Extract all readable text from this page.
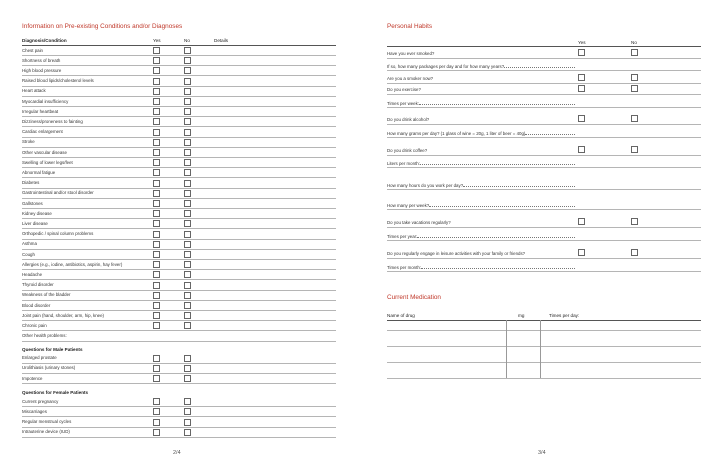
Information on Pre-existing Conditions and/or Diagnoses
Diagnosis/Condition	Yes	No	Details
2/4
Chest pain
Shortness of breath
High blood pressure
Raised blood lipids/cholesterol levels
Heart attack
Myocardial insufficiency
Irregular heartbeat
Dizziness/proneness to fainting
Cardiac enlargement
Stroke
Other vascular disease
Swelling of lower legs/feet
Abnormal fatigue
Diabetes
Gastrointestinal and/or stool disorder
Gallstones
Kidney disease
Liver disease
Orthopedic / spinal column problems
Asthma
Cough
Allergies (e.g., iodine, antibiotics, aspirin, hay fever)
Headache
Thyroid disorder
Weakness of the bladder
Blood disorder
Joint pain (hand, shoulder, arm, hip, knee)
Chronic pain
Other health problems:
Questions for Male Patients
Enlarged prostate
Urolithiasis (urinary stones)
Impotence
Questions for Female Patients
Current pregnancy
Miscarriages
Regular menstrual cycles
Intrauterine device (IUD)
Personal Habits
Yes	No
Current Medication
Name of drug	mg	Times per day:
3/4
Have you ever smoked?
If so, how many packages per day and for how many years?
Are you a smoker now?
Do you exercise?
Times per week:
Do you drink alcohol?
How many grams per day? (1 glass of wine = 20g, 1 liter of beer = 40g)
Do you drink coffee?
Liters per month:
How many hours do you work per day?
How many per week?
Do you take vacations regularly?
Times per year:
Do you regularly engage in leisure activities with your family or friends?
Times per month:
